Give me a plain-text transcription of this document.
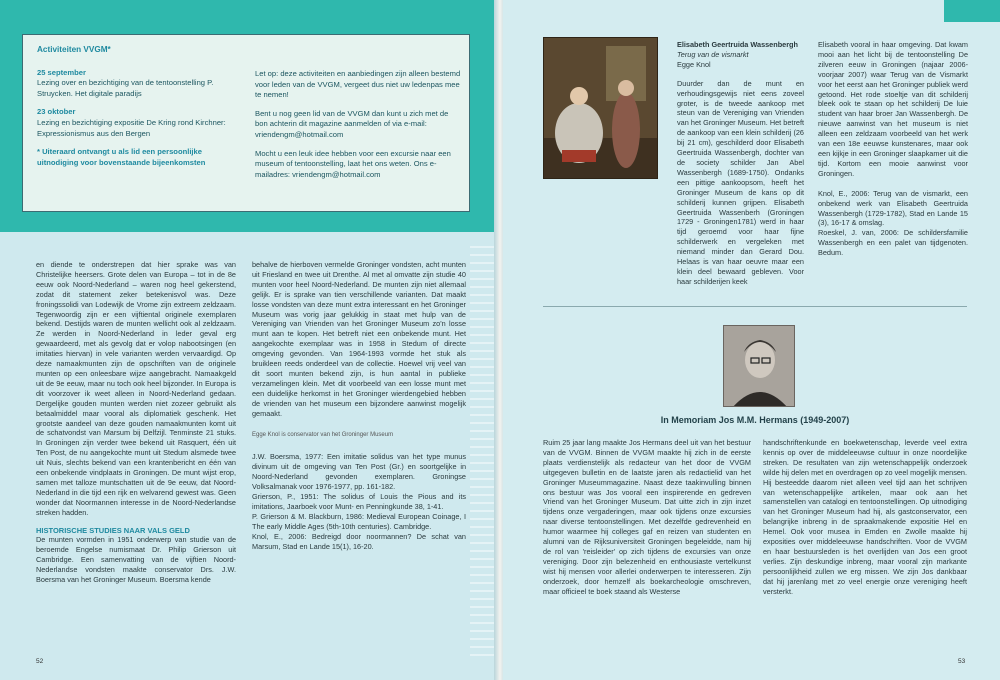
Activiteiten VVGM*
25 september
Lezing over en bezichtiging van de tentoonstelling P. Struycken. Het digitale paradijs
23 oktober
Lezing en bezichtiging expositie De Kring rond Kirchner: Expressionismus aus den Bergen
* Uiteraard ontvangt u als lid een persoonlijke uitnodiging voor bovenstaande bijeenkomsten
Let op: deze activiteiten en aanbiedingen zijn alleen bestemd voor leden van de VVGM, vergeet dus niet uw ledenpas mee te nemen!
Bent u nog geen lid van de VVGM dan kunt u zich met de bon achterin dit magazine aanmelden of via e-mail: vriendengm@hotmail.com
Mocht u een leuk idee hebben voor een excursie naar een museum of tentoonstelling, laat het ons weten. Ons e-mailadres: vriendengm@hotmail.com

en diende te onderstrepen dat hier sprake was van Christelijke heersers. Grote delen van Europa – tot in de 8e eeuw ook Noord-Nederland – waren nog heel gekerstend, zodat dit statement zeker betekenisvol was. Deze froningssolidi van Lodewijk de Vrome zijn extreem zeldzaam. Tegenwoordig zijn er een vijftiental originele exemplaren bekend. Destijds waren de munten wellicht ook al zeldzaam. Ze werden in Noord-Nederland in leder geval erg gewaardeerd, met als gevolg dat er volop nabootsingen (en imitaties hiervan) in vele varianten werden vervaardigd. Op deze namaakmunten zijn de opschriften van de originele munten op een onleesbare wijze aangebracht. Namaakgeld uit de 9e eeuw, maar nu toch ook heel bijzonder. In Europa is dit voorzover ik weet alleen in Noord-Nederland gedaan. Dergelijke gouden munten werden niet zozeer gebruikt als betaalmiddel maar vooral als diplomatiek geschenk. Het grootste aandeel van deze gouden namaakmunten komt uit de schatvondst van Marsum bij Delfzijl. Tenminste 21 stuks. In Groningen zijn verder twee bekend uit Rasquert, één uit Ten Post, de nu aangekochte munt uit Stedum alsmede twee uit Nuis, slechts bekend van een krantenbericht en één van een onbekende vindplaats in Groningen. De munt wijst erop, samen met talloze muntschatten uit de 9e eeuw, dat Noord-Nederland in die tijd een rijk en welvarend gewest was. Geen wonder dat Noormannen interesse in de Noord-Nederlandse streken hadden.

HISTORISCHE STUDIES NAAR VALS GELD

De munten vormden in 1951 onderwerp van studie van de beroemde Engelse numismaat Dr. Philip Grierson uit Cambridge. Een samenvatting van de vijftien Noord-Nederlandse vondsten maakte conservator Drs. J.W. Boersma van het Groninger Museum. Boersma kende

behalve de hierboven vermelde Groninger vondsten, acht munten uit Friesland en twee uit Drenthe. Al met al omvatte zijn studie 40 munten voor heel Noord-Nederland. De munten zijn niet allemaal gelijk. Er is sprake van tien verschillende varianten. Dat maakt losse vondsten van deze munt extra interessant en het Groninger Museum was vorig jaar gelukkig in staat met hulp van de Vereniging van Vrienden van het Groninger Museum zo'n losse munt aan te kopen. Het betreft niet een onbekende munt. Het aangekochte exemplaar was in 1958 in Stedum of directe omgeving gevonden. Van 1964-1993 vormde het stuk als bruikleen reeds onderdeel van de collectie. Hoewel vrij veel van dit soort munten bekend zijn, is hun aantal in publieke verzamelingen klein. Met dit voorbeeld van een losse munt met een duidelijke herkomst in het Groninger wierdengebied hebben de vrienden van het museum een bijzondere aanwinst mogelijk gemaakt.

Egge Knol is conservator van het Groninger Museum

J.W. Boersma, 1977: Een imitatie solidus van het type munus divinum uit de omgeving van Ten Post (Gr.) en soortgelijke in Noord-Nederland gevonden exemplaren. Groningse Volksalmanak voor 1976-1977, pp. 161-182.

Grierson, P., 1951: The solidus of Louis the Pious and its imitations, Jaarboek voor Munt- en Penningkunde 38, 1-41.

P. Grierson & M. Blackburn, 1986: Medieval European Coinage, I The early Middle Ages (5th-10th centuries). Cambridge.

Knol, E., 2006: Bedreigd door noormannen? De schat van Marsum, Stad en Lande 15(1), 16-20.

52
Elisabeth Geertruida Wassenbergh
Terug van de vismarkt
Egge Knol

Duurder dan de munt en verhoudingsgewijs niet eens zoveel groter, is de tweede aankoop met steun van de Vereniging van Vrienden van het Groninger Museum. Het betreft de aankoop van een klein schilderij (26 bij 21 cm), geschilderd door Elisabeth Geertruida Wassenbergh, dochter van de society schilder Jan Abel Wassenbergh (1689-1750). Ondanks een pittige aankoopsom, heeft het Groninger Museum de kans op dit schilderij kunnen grijpen. Elisabeth Geertruida Wassenberh (Groningen 1729 - Groningen1781) werd in haar tijd geroemd voor haar fijne schilderwerk en vergeleken met niemand minder dan Gerard Dou. Helaas is van haar oeuvre maar een klein deel bewaard gebleven. Voor haar schilderijen keek

Elisabeth vooral in haar omgeving. Dat kwam mooi aan het licht bij de tentoonstelling De zilveren eeuw in Groningen (najaar 2006-voorjaar 2007) waar Terug van de Vismarkt voor het eerst aan het Groninger publiek werd getoond. Het rode stoeltje van dit schilderij bleek ook te staan op het schilderij De luie student van haar broer Jan Wassenbergh. De nieuwe aanwinst van het museum is niet alleen een zeldzaam voorbeeld van het werk van een 18e eeuwse kunstenares, maar ook een kijkje in een Groninger slaapkamer uit die tijd. Kortom een mooie aanwinst voor Groningen.

Knol, E., 2006: Terug van de vismarkt, een onbekend werk van Elisabeth Geertruida Wassenbergh (1729-1782), Stad en Lande 15 (3), 16-17 & omslag.

Roeskel, J. van, 2006: De schildersfamilie Wassenbergh en een palet van tijdgenoten. Bedum.

In Memoriam Jos M.M. Hermans (1949-2007)

Ruim 25 jaar lang maakte Jos Hermans deel uit van het bestuur van de VVGM. Binnen de VVGM maakte hij zich in de eerste plaats verdienstelijk als redacteur van het door de VVGM uitgegeven bulletin en de laatste jaren als redactielid van het Groninger Museummagazine. Naast deze taakinvulling binnen ons bestuur was Jos vooral een inspirerende en gedreven Vriend van het Groninger Museum. Dat uitte zich in zijn inzet tijdens onze vergaderingen, maar ook tijdens onze excursies naar diverse tentoonstellingen. Met dezelfde gedrevenheid en humor waarmee hij colleges gaf en reizen van studenten en alumni van de Rijksuniversiteit Groningen begeleidde, nam hij de rol van 'reisleider' op zich tijdens de excursies van onze vereniging. Door zijn belezenheid en enthousiaste vertelkunst wist hij mensen voor allerlei onderwerpen te interesseren. Zijn onderzoek, door hemzelf als boekarcheologie omschreven, maar officieel te boek staand als Westerse

handschriftenkunde en boekwetenschap, leverde veel extra kennis op over de middeleeuwse cultuur in onze noordelijke streken. De resultaten van zijn wetenschappelijk onderzoek wilde hij delen met en overdragen op zo veel mogelijk mensen. Hij besteedde daarom niet alleen veel tijd aan het schrijven van wetenschappelijke artikelen, maar ook aan het samenstellen van catalogi en tentoonstellingen. Op uitnodiging van het Groninger Museum had hij, als gastconservator, een belangrijke inbreng in de spraakmakende expositie Hel en Hemel. Ook voor musea in Emden en Zwolle maakte hij exposities over middeleeuwse handschriften. Voor de VVGM en haar bestuursleden is het overlijden van Jos een groot verlies. Zijn deskundige inbreng, maar vooral zijn markante persoonlijkheid zullen we erg missen. We zijn Jos dankbaar dat hij jarenlang met zo veel energie onze vereniging heeft versterkt.

53
